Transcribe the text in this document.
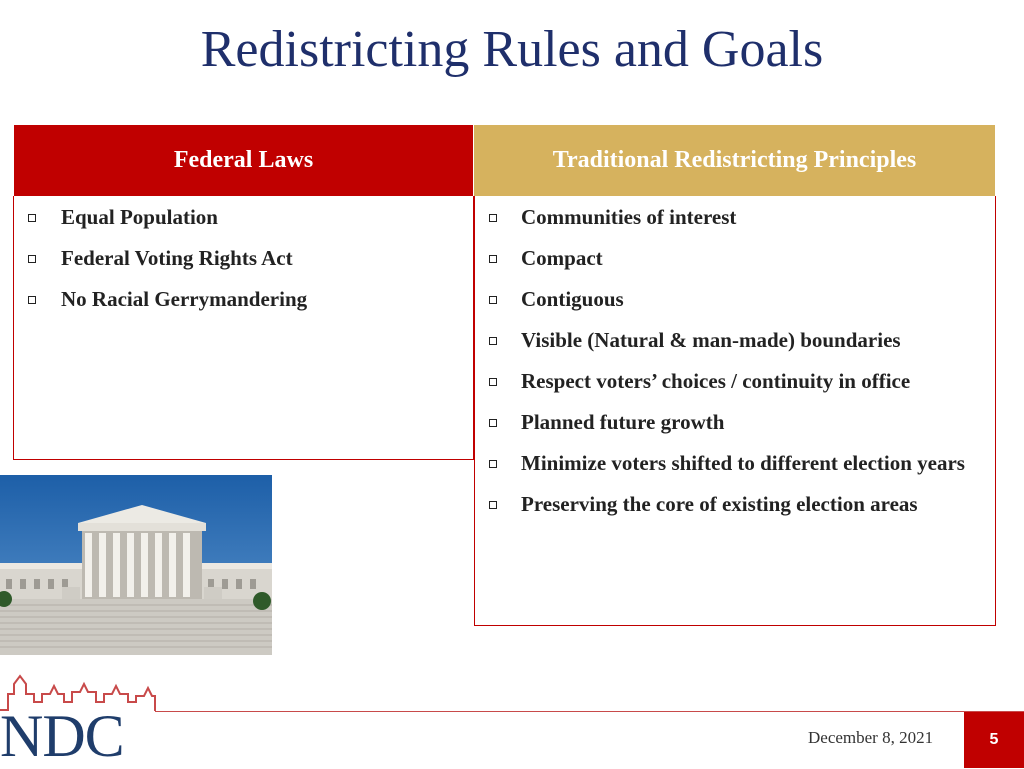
Redistricting Rules and Goals
Federal Laws
Equal Population
Federal Voting Rights Act
No Racial Gerrymandering
Traditional Redistricting Principles
Communities of interest
Compact
Contiguous
Visible (Natural & man-made) boundaries
Respect voters’ choices / continuity in office
Planned future growth
Minimize voters shifted to different election years
Preserving the core of existing election areas
NDC	December 8, 2021	5
